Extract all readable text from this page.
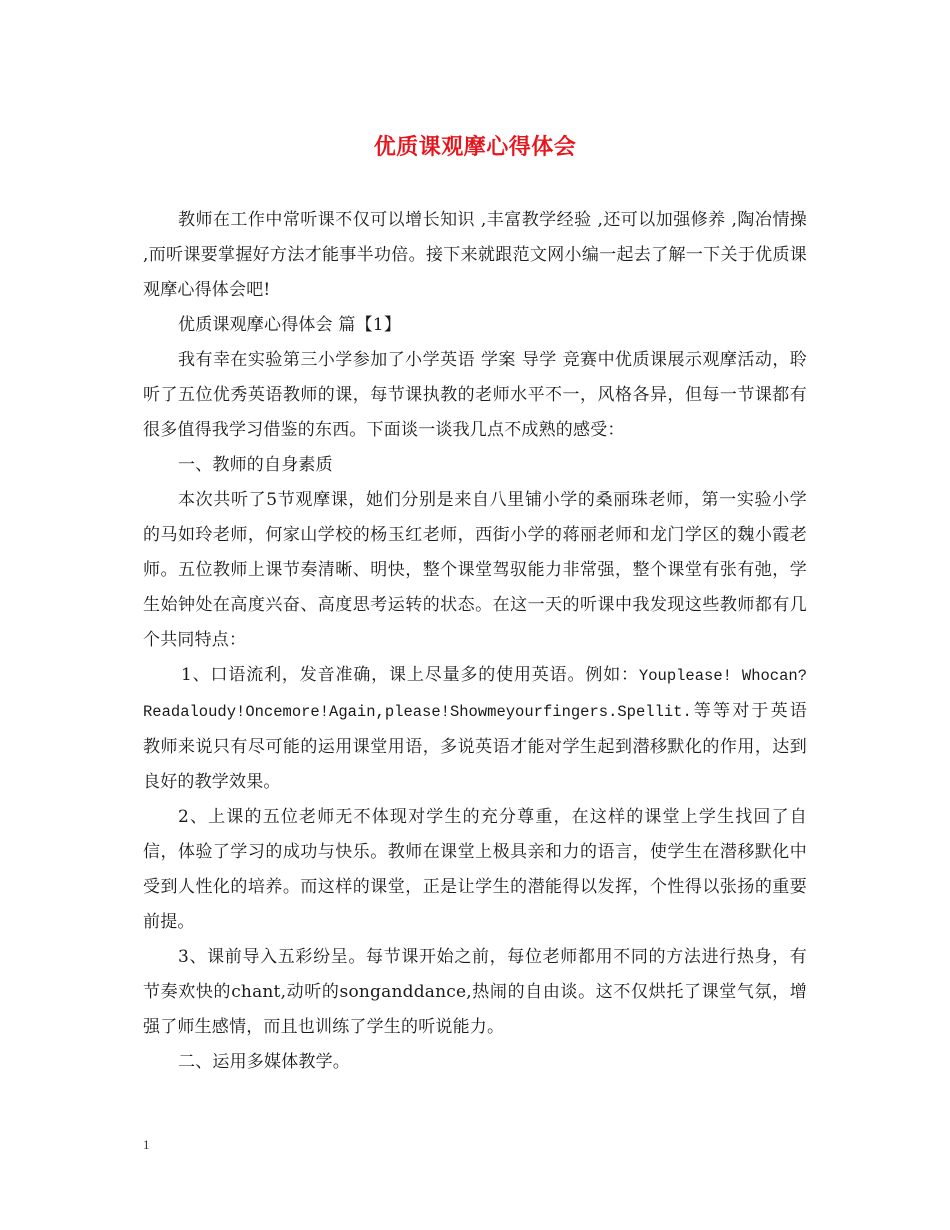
优质课观摩心得体会

教师在工作中常听课不仅可以增长知识 ,丰富教学经验 ,还可以加强修养 ,陶冶情操 ,而听课要掌握好方法才能事半功倍。接下来就跟范文网小编一起去了解一下关于优质课观摩心得体会吧!

优质课观摩心得体会 篇【1】

我有幸在实验第三小学参加了小学英语 学案 导学 竞赛中优质课展示观摩活动，聆听了五位优秀英语教师的课，每节课执教的老师水平不一，风格各异，但每一节课都有很多值得我学习借鉴的东西。下面谈一谈我几点不成熟的感受：

一、教师的自身素质

本次共听了5节观摩课，她们分别是来自八里铺小学的桑丽珠老师，第一实验小学的马如玲老师，何家山学校的杨玉红老师，西街小学的蒋丽老师和龙门学区的魏小霞老师。五位教师上课节奏清晰、明快，整个课堂驾驭能力非常强，整个课堂有张有弛，学生始钟处在高度兴奋、高度思考运转的状态。在这一天的听课中我发现这些教师都有几个共同特点：

1、口语流利，发音准确，课上尽量多的使用英语。例如：Youplease! Whocan?Readaloudy!Oncemore!Again,please!Showmeyourfingers.Spellit.等等对于英语教师来说只有尽可能的运用课堂用语，多说英语才能对学生起到潜移默化的作用，达到良好的教学效果。

2、上课的五位老师无不体现对学生的充分尊重，在这样的课堂上学生找回了自信，体验了学习的成功与快乐。教师在课堂上极具亲和力的语言，使学生在潜移默化中受到人性化的培养。而这样的课堂，正是让学生的潜能得以发挥，个性得以张扬的重要前提。

3、课前导入五彩纷呈。每节课开始之前，每位老师都用不同的方法进行热身，有节奏欢快的chant,动听的songanddance,热闹的自由谈。这不仅烘托了课堂气氛，增强了师生感情，而且也训练了学生的听说能力。

二、运用多媒体教学。

1
